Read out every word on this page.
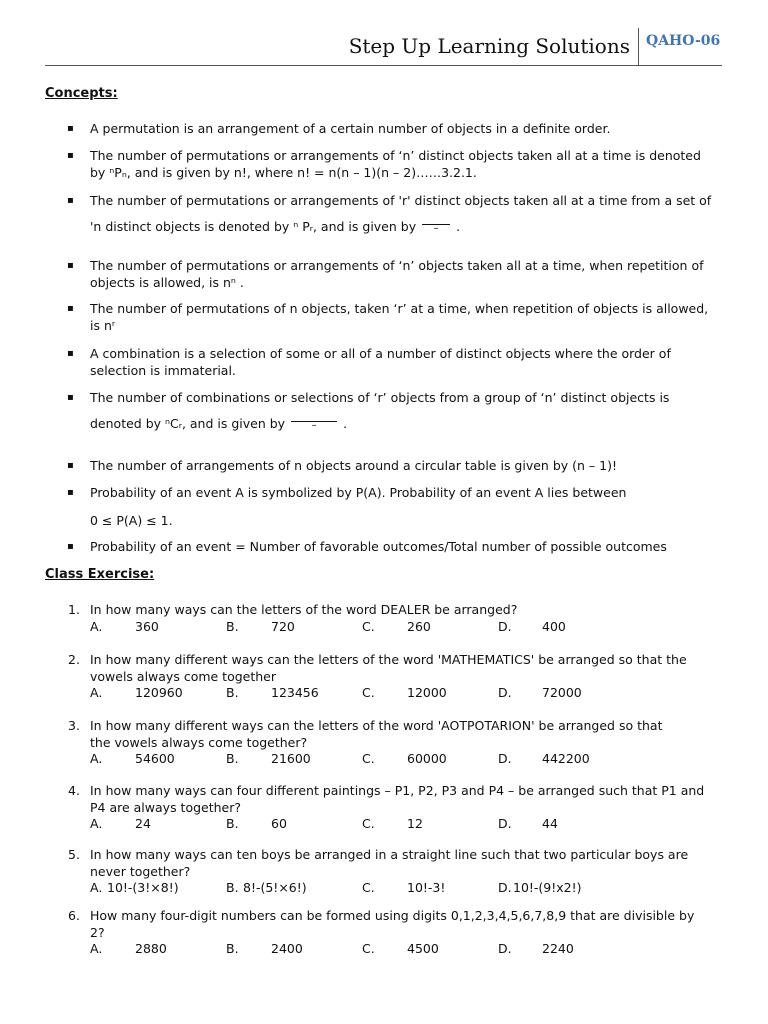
Step Up Learning Solutions QAHO-06
Concepts:
▪ A permutation is an arrangement of a certain number of objects in a definite order.
▪ The number of permutations or arrangements of ‘n’ distinct objects taken all at a time is denoted
by ⁿPₙ, and is given by n!, where n! = n(n – 1)(n – 2)……3.2.1.
▪ The number of permutations or arrangements of 'r' distinct objects taken all at a time from a set of
'n distinct objects is denoted by ⁿ Pᵣ, and is given by	–	.
▪ The number of permutations or arrangements of ‘n’ objects taken all at a time, when repetition of
objects is allowed, is nⁿ .
▪ The number of permutations of n objects, taken ‘r’ at a time, when repetition of objects is allowed,
is nʳ
▪ A combination is a selection of some or all of a number of distinct objects where the order of
selection is immaterial.
▪ The number of combinations or selections of ‘r’ objects from a group of ‘n’ distinct objects is
denoted by ⁿCᵣ, and is given by	–	.
▪ The number of arrangements of n objects around a circular table is given by (n – 1)!
▪ Probability of an event A is symbolized by P(A). Probability of an event A lies between
0 ≤ P(A) ≤ 1.
▪ Probability of an event = Number of favorable outcomes/Total number of possible outcomes
Class Exercise:
1. In how many ways can the letters of the word DEALER be arranged?
A.	360	B.	720	C.	260	D. 400
2. In how many different ways can the letters of the word 'MATHEMATICS' be arranged so that the
vowels always come together
A.	120960	B.	123456	C.	12000	D. 72000
3. In how many different ways can the letters of the word 'AOTPOTARION' be arranged so that
the vowels always come together?
A.	54600	B.	21600	C.	60000	D. 442200
4. In how many ways can four different paintings – P1, P2, P3 and P4 – be arranged such that P1 and
P4 are always together?
A.	24	B.	60	C.	12	D. 44
5. In how many ways can ten boys be arranged in a straight line such that two particular boys are
never together?
A. 10!-(3!×8!)	B. 8!-(5!×6!)	C.	10!-3!	D. 10!-(9!x2!)
6. How many four-digit numbers can be formed using digits 0,1,2,3,4,5,6,7,8,9 that are divisible by
2?
A.	2880	B.	2400	C.	4500	D. 2240
